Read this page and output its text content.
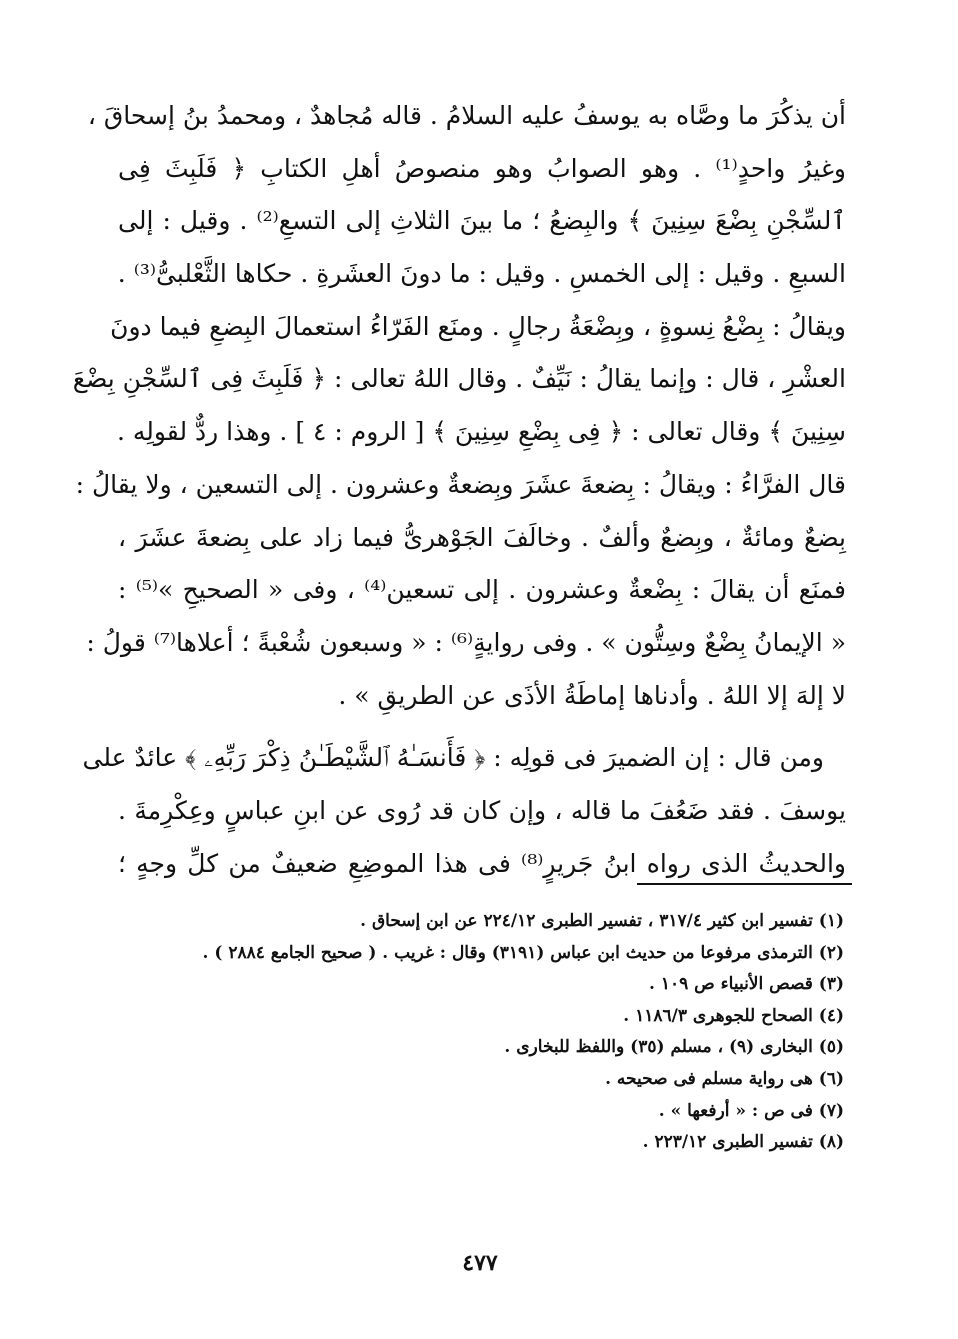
أن يذكُرَ ما وصَّاه به يوسفُ عليه السلامُ . قاله مُجاهدٌ ، ومحمدُ بنُ إسحاقَ ،
وغيرُ واحدٍ⁽¹⁾ . وهو الصوابُ وهو منصوصُ أهلِ الكتابِ ﴿ فَلَبِثَ فِى
ٱلسِّجْنِ بِضْعَ سِنِينَ ﴾ والبِضعُ ؛ ما بينَ الثلاثِ إلى التسعِ⁽²⁾ . وقيل : إلى
السبعِ . وقيل : إلى الخمسِ . وقيل : ما دونَ العشَرةِ . حكاها الثَّعْلبىُّ⁽³⁾ .
ويقالُ : بِضْعُ نِسوةٍ ، وبِضْعَةُ رجالٍ . ومنَع الفَرّاءُ استعمالَ البِضعِ فيما دونَ
العشْرِ ، قال : وإنما يقالُ : نَيِّفٌ . وقال اللهُ تعالى : ﴿ فَلَبِثَ فِى ٱلسِّجْنِ بِضْعَ
سِنِينَ ﴾ وقال تعالى : ﴿ فِى بِضْعِ سِنِينَ ﴾ [ الروم : ٤ ] . وهذا ردٌّ لقولِه .
قال الفرَّاءُ : ويقالُ : بِضعةَ عشَرَ وبِضعةٌ وعشرون . إلى التسعين ، ولا يقالُ :
بِضعٌ ومائةٌ ، وبِضعٌ وألفٌ . وخالَفَ الجَوْهرىُّ فيما زاد على بِضعةَ عشَرَ ،
فمنَع أن يقالَ : بِضْعةٌ وعشرون . إلى تسعين⁽⁴⁾ ، وفى « الصحيحِ »⁽⁵⁾ :
« الإيمانُ بِضْعٌ وسِتُّون » . وفى روايةٍ⁽⁶⁾ : « وسبعون شُعْبةً ؛ أعلاها⁽⁷⁾ قولُ :
لا إلهَ إلا اللهُ . وأدناها إماطَةُ الأذَى عن الطريقِ » .
ومن قال : إن الضميرَ فى قولِه : ﴿ فَأَنسَـٰهُ ٱلشَّيْطَـٰنُ ذِكْرَ رَبِّهِۦ ﴾ عائدٌ على
يوسفَ . فقد ضَعُفَ ما قاله ، وإن كان قد رُوى عن ابنِ عباسٍ وعِكْرِمةَ .
والحديثُ الذى رواه ابنُ جَريرٍ⁽⁸⁾ فى هذا الموضِعِ ضعيفٌ من كلِّ وجهٍ ؛
(١) تفسير ابن كثير ٣١٧/٤ ، تفسير الطبرى ٢٢٤/١٢ عن ابن إسحاق .
(٢) الترمذى مرفوعا من حديث ابن عباس (٣١٩١) وقال : غريب . ( صحيح الجامع ٢٨٨٤ ) .
(٣) قصص الأنبياء ص ١٠٩ .
(٤) الصحاح للجوهرى ١١٨٦/٣ .
(٥) البخارى (٩) ، مسلم (٣٥) واللفظ للبخارى .
(٦) هى رواية مسلم فى صحيحه .
(٧) فى ص : « أرفعها » .
(٨) تفسير الطبرى ٢٢٣/١٢ .
٤٧٧
